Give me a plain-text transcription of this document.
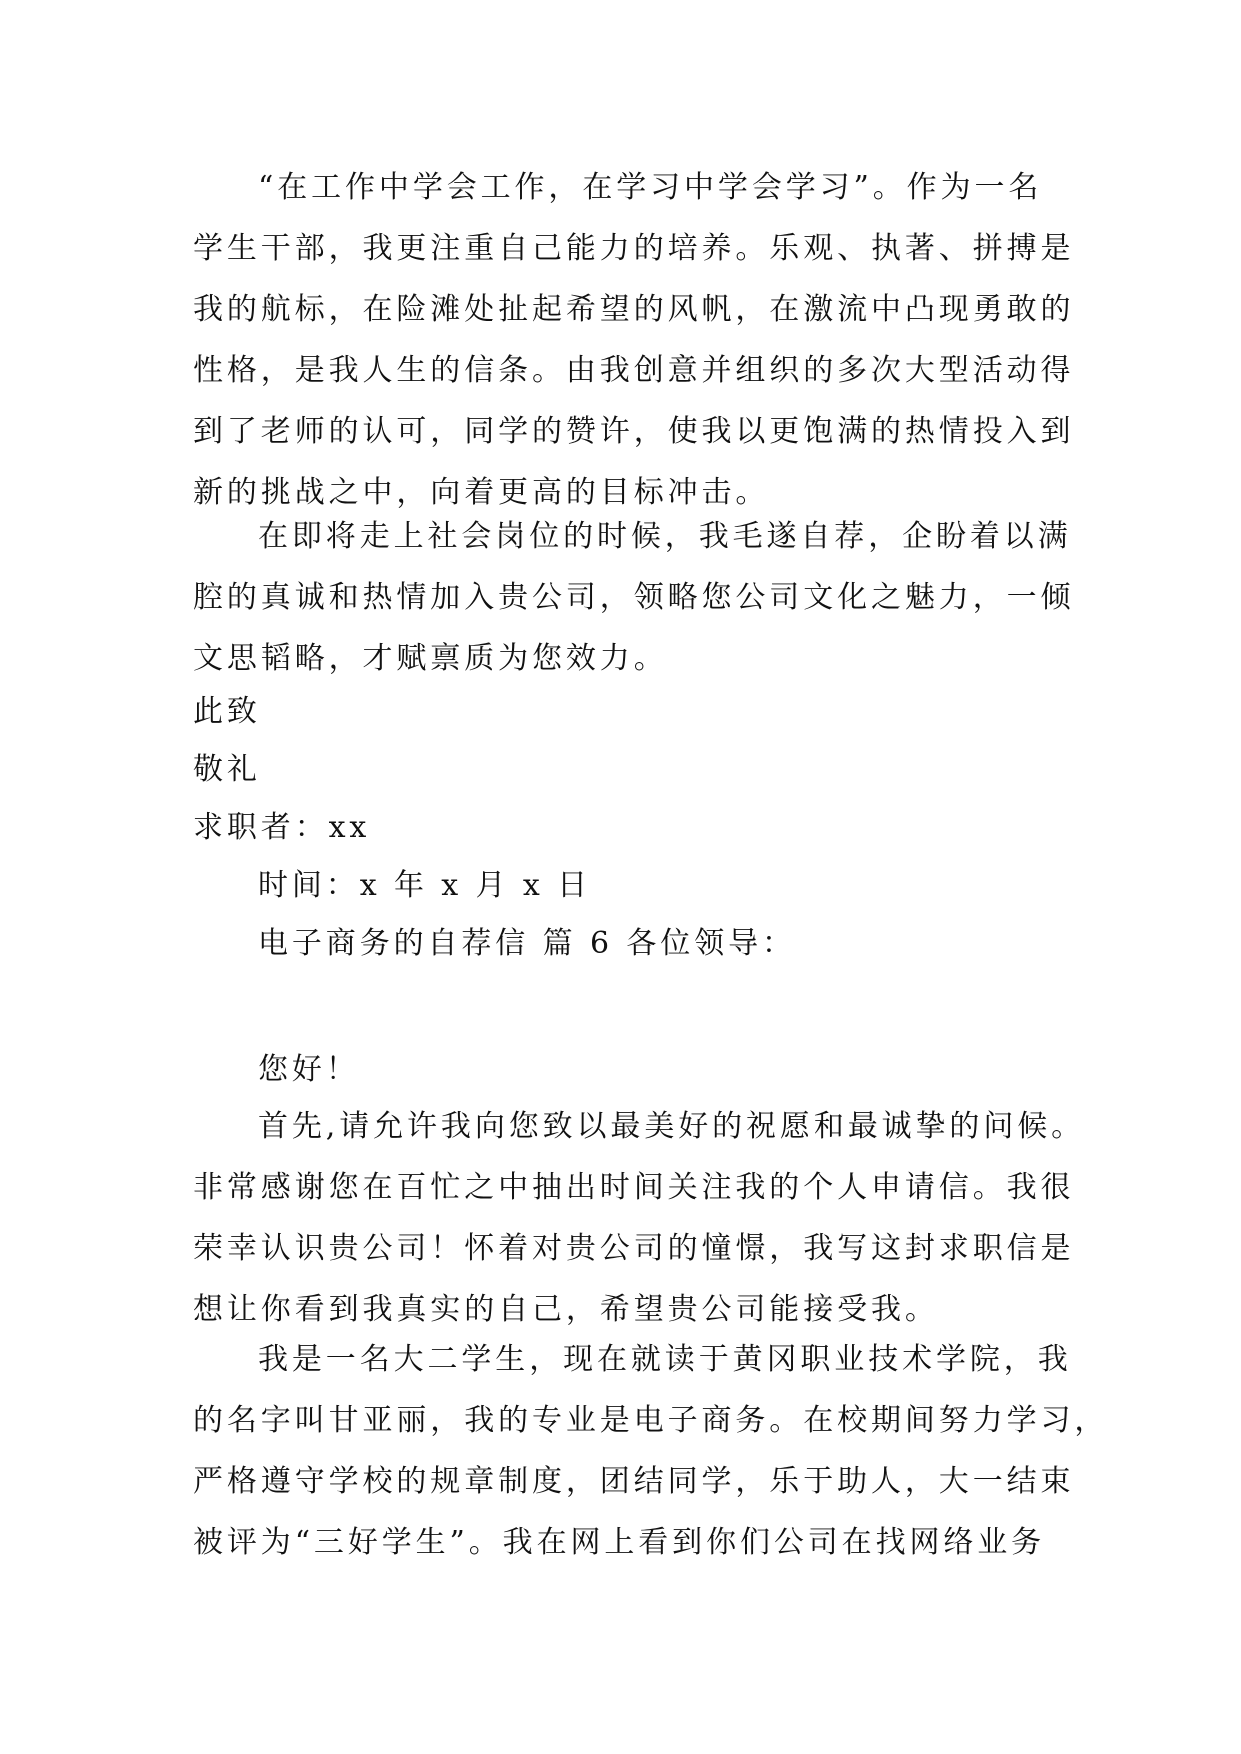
“在工作中学会工作，在学习中学会学习”。作为一名
学生干部，我更注重自己能力的培养。乐观、执著、拼搏是
我的航标，在险滩处扯起希望的风帆，在激流中凸现勇敢的
性格，是我人生的信条。由我创意并组织的多次大型活动得
到了老师的认可，同学的赞许，使我以更饱满的热情投入到
新的挑战之中，向着更高的目标冲击。
在即将走上社会岗位的时候，我毛遂自荐，企盼着以满
腔的真诚和热情加入贵公司，领略您公司文化之魅力，一倾
文思韬略，才赋禀质为您效力。
此致
敬礼
求职者：xx
时间：x 年 x 月 x 日
电子商务的自荐信 篇 6 各位领导：
您好！
首先,请允许我向您致以最美好的祝愿和最诚挚的问候。
非常感谢您在百忙之中抽出时间关注我的个人申请信。我很
荣幸认识贵公司！怀着对贵公司的憧憬，我写这封求职信是
想让你看到我真实的自己，希望贵公司能接受我。
我是一名大二学生，现在就读于黄冈职业技术学院，我
的名字叫甘亚丽，我的专业是电子商务。在校期间努力学习，
严格遵守学校的规章制度，团结同学，乐于助人，大一结束
被评为“三好学生”。我在网上看到你们公司在找网络业务
